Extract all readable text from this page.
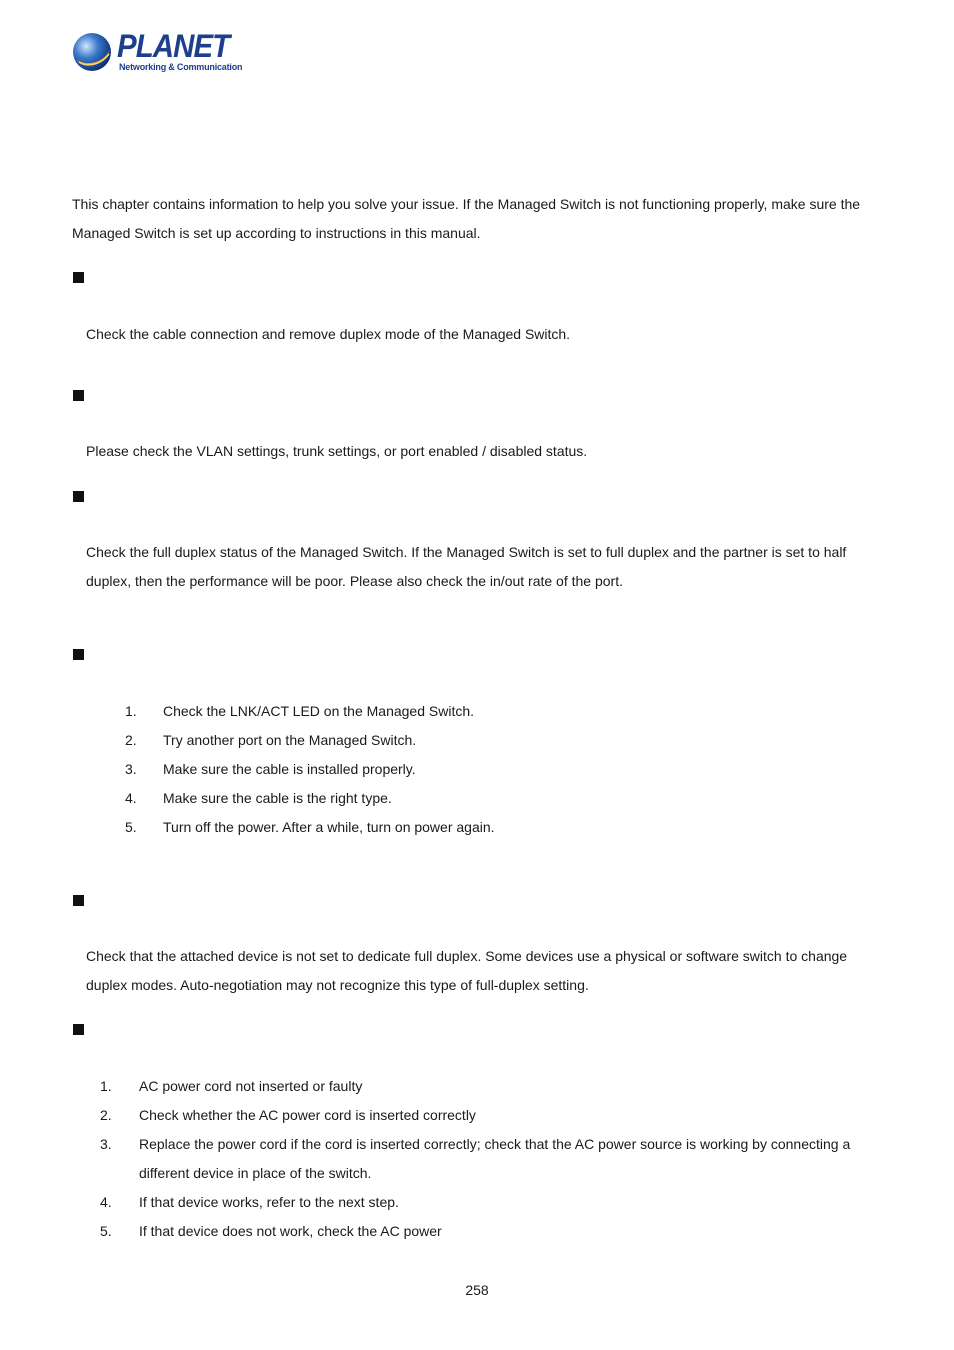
PLANET
Networking & Communication

This chapter contains information to help you solve your issue. If the Managed Switch is not functioning properly, make sure the Managed Switch is set up according to instructions in this manual.

Check the cable connection and remove duplex mode of the Managed Switch.

Please check the VLAN settings, trunk settings, or port enabled / disabled status.

Check the full duplex status of the Managed Switch. If the Managed Switch is set to full duplex and the partner is set to half duplex, then the performance will be poor. Please also check the in/out rate of the port.

1.	Check the LNK/ACT LED on the Managed Switch.
2.	Try another port on the Managed Switch.
3.	Make sure the cable is installed properly.
4.	Make sure the cable is the right type.
5.	Turn off the power. After a while, turn on power again.

Check that the attached device is not set to dedicate full duplex. Some devices use a physical or software switch to change duplex modes. Auto-negotiation may not recognize this type of full-duplex setting.

1.	AC power cord not inserted or faulty
2.	Check whether the AC power cord is inserted correctly
3.	Replace the power cord if the cord is inserted correctly; check that the AC power source is working by connecting a different device in place of the switch.
4.	If that device works, refer to the next step.
5.	If that device does not work, check the AC power
258
